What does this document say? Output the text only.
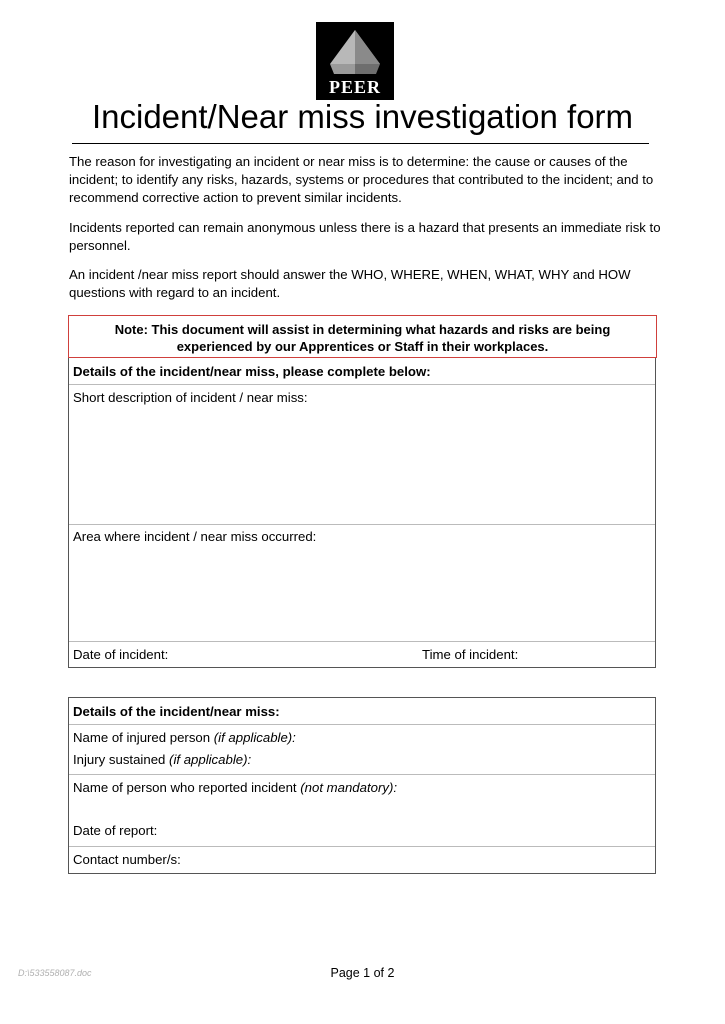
PEER
Incident/Near miss investigation form

The reason for investigating an incident or near miss is to determine: the cause or causes of the incident; to identify any risks, hazards, systems or procedures that contributed to the incident; and to recommend corrective action to prevent similar incidents.

Incidents reported can remain anonymous unless there is a hazard that presents an immediate risk to personnel.

An incident /near miss report should answer the WHO, WHERE, WHEN, WHAT, WHY and HOW questions with regard to an incident.

Details of the incident/near miss, please complete below:
Short description of incident / near miss:
Area where incident / near miss occurred:
Date of incident:	Time of incident:
Note: This document will assist in determining what hazards and risks are being
experienced by our Apprentices or Staff in their workplaces.
Details of the incident/near miss:
Name of injured person (if applicable):
Injury sustained (if applicable):
Name of person who reported incident (not mandatory):
Date of report:
Contact number/s:
D:\533558087.doc	Page 1 of 2
